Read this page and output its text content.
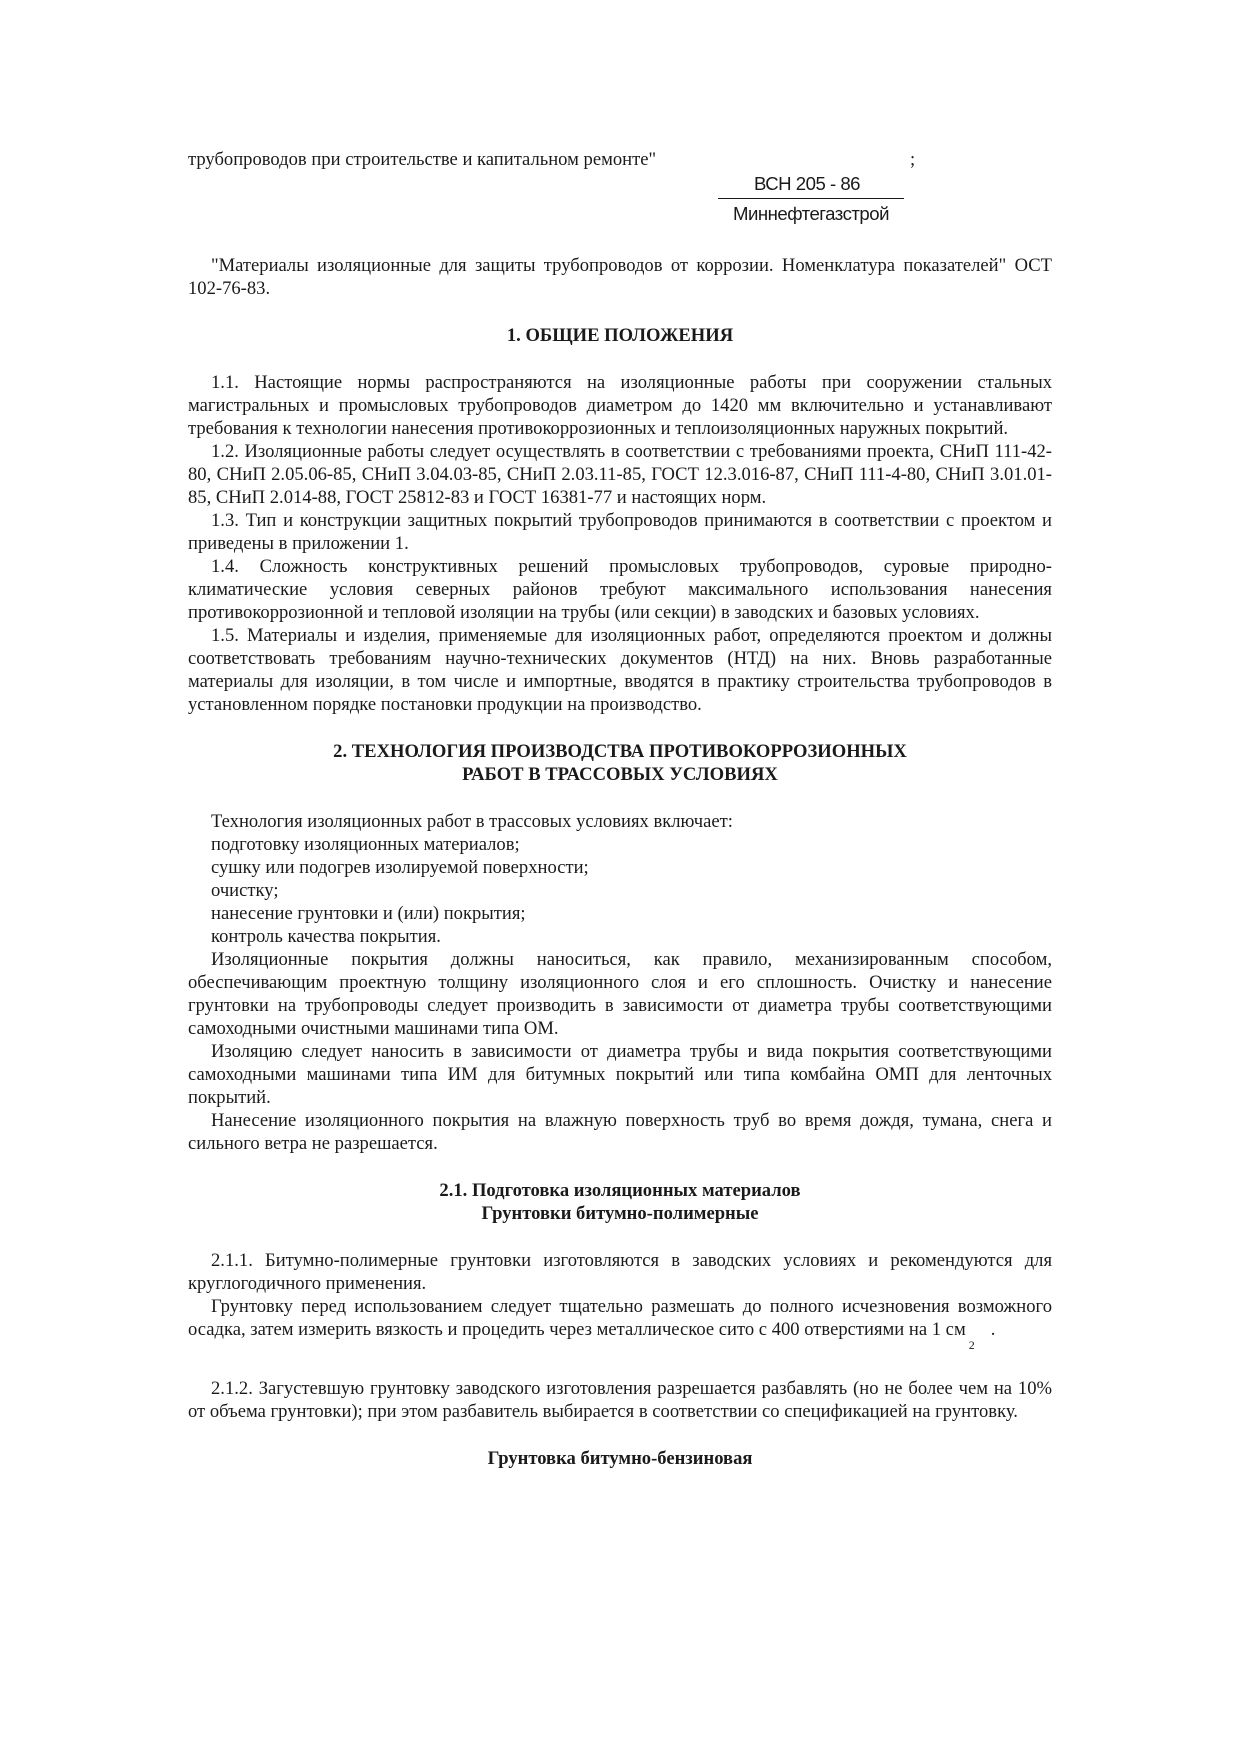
трубопроводов при строительстве и капитальном ремонте"	;
ВСН 205 - 86
Миннефтегазстрой

"Материалы изоляционные для защиты трубопроводов от коррозии. Номенклатура показателей" ОСТ 102-76-83.

1. ОБЩИЕ ПОЛОЖЕНИЯ

1.1. Настоящие нормы распространяются на изоляционные работы при сооружении стальных магистральных и промысловых трубопроводов диаметром до 1420 мм включительно и устанавливают требования к технологии нанесения противокоррозионных и теплоизоляционных наружных покрытий.

1.2. Изоляционные работы следует осуществлять в соответствии с требованиями проекта, СНиП 111-42-80, СНиП 2.05.06-85, СНиП 3.04.03-85, СНиП 2.03.11-85, ГОСТ 12.3.016-87, СНиП 111-4-80, СНиП 3.01.01-85, СНиП 2.014-88, ГОСТ 25812-83 и ГОСТ 16381-77 и настоящих норм.

1.3. Тип и конструкции защитных покрытий трубопроводов принимаются в соответствии с проектом и приведены в приложении 1.

1.4. Сложность конструктивных решений промысловых трубопроводов, суровые природно-климатические условия северных районов требуют максимального использования нанесения противокоррозионной и тепловой изоляции на трубы (или секции) в заводских и базовых условиях.

1.5. Материалы и изделия, применяемые для изоляционных работ, определяются проектом и должны соответствовать требованиям научно-технических документов (НТД) на них. Вновь разработанные материалы для изоляции, в том числе и импортные, вводятся в практику строительства трубопроводов в установленном порядке постановки продукции на производство.

2. ТЕХНОЛОГИЯ ПРОИЗВОДСТВА ПРОТИВОКОРРОЗИОННЫХ
РАБОТ В ТРАССОВЫХ УСЛОВИЯХ

Технология изоляционных работ в трассовых условиях включает:

подготовку изоляционных материалов;

сушку или подогрев изолируемой поверхности;

очистку;

нанесение грунтовки и (или) покрытия;

контроль качества покрытия.

Изоляционные покрытия должны наноситься, как правило, механизированным способом, обеспечивающим проектную толщину изоляционного слоя и его сплошность. Очистку и нанесение грунтовки на трубопроводы следует производить в зависимости от диаметра трубы соответствующими самоходными очистными машинами типа ОМ.

Изоляцию следует наносить в зависимости от диаметра трубы и вида покрытия соответствующими самоходными машинами типа ИМ для битумных покрытий или типа комбайна ОМП для ленточных покрытий.

Нанесение изоляционного покрытия на влажную поверхность труб во время дождя, тумана, снега и сильного ветра не разрешается.

2.1. Подготовка изоляционных материалов
Грунтовки битумно-полимерные

2.1.1. Битумно-полимерные грунтовки изготовляются в заводских условиях и рекомендуются для круглогодичного применения.

Грунтовку перед использованием следует тщательно размешать до полного исчезновения возможного осадка, затем измерить вязкость и процедить через металлическое сито с 400 отверстиями на 1 $см_2$.

2.1.2. Загустевшую грунтовку заводского изготовления разрешается разбавлять (но не более чем на 10% от объема грунтовки); при этом разбавитель выбирается в соответствии со спецификацией на грунтовку.

Грунтовка битумно-бензиновая
